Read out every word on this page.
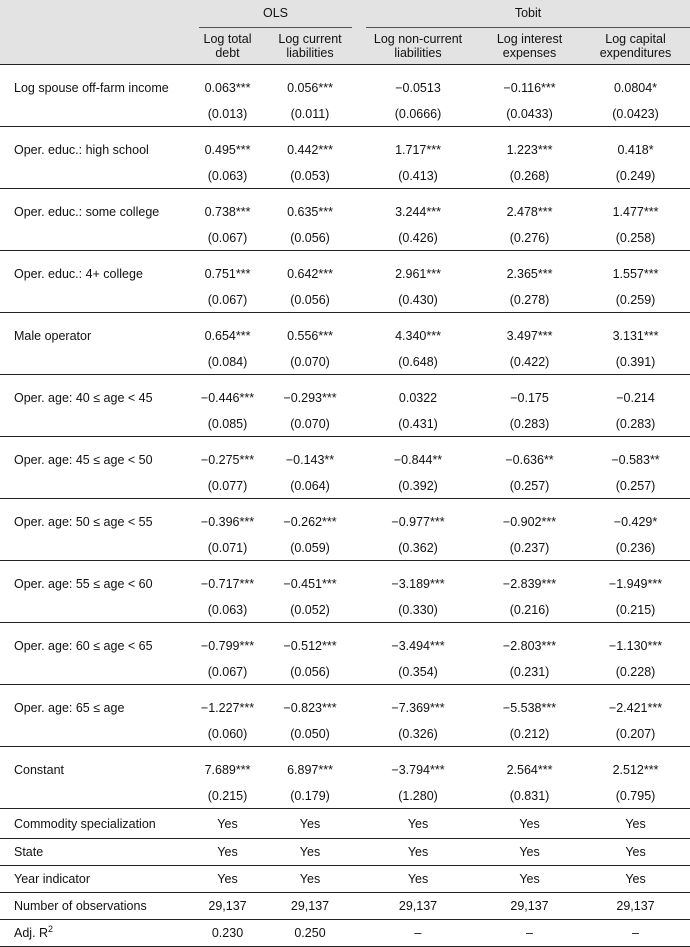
	OLS		Tobit		

	Log total debt	Log current liabilities	Log non-current liabilities	Log interest expenses	Log capital expenditures
Log spouse off-farm income	0.063***	0.056***	−0.0513	−0.116***	0.0804*
	(0.013)	(0.011)	(0.0666)	(0.0433)	(0.0423)
Oper. educ.: high school	0.495***	0.442***	1.717***	1.223***	0.418*
	(0.063)	(0.053)	(0.413)	(0.268)	(0.249)
Oper. educ.: some college	0.738***	0.635***	3.244***	2.478***	1.477***
	(0.067)	(0.056)	(0.426)	(0.276)	(0.258)
Oper. educ.: 4+ college	0.751***	0.642***	2.961***	2.365***	1.557***
	(0.067)	(0.056)	(0.430)	(0.278)	(0.259)
Male operator	0.654***	0.556***	4.340***	3.497***	3.131***
	(0.084)	(0.070)	(0.648)	(0.422)	(0.391)
Oper. age: 40 ≤ age < 45	−0.446***	−0.293***	0.0322	−0.175	−0.214
	(0.085)	(0.070)	(0.431)	(0.283)	(0.283)
Oper. age: 45 ≤ age < 50	−0.275***	−0.143**	−0.844**	−0.636**	−0.583**
	(0.077)	(0.064)	(0.392)	(0.257)	(0.257)
Oper. age: 50 ≤ age < 55	−0.396***	−0.262***	−0.977***	−0.902***	−0.429*
	(0.071)	(0.059)	(0.362)	(0.237)	(0.236)
Oper. age: 55 ≤ age < 60	−0.717***	−0.451***	−3.189***	−2.839***	−1.949***
	(0.063)	(0.052)	(0.330)	(0.216)	(0.215)
Oper. age: 60 ≤ age < 65	−0.799***	−0.512***	−3.494***	−2.803***	−1.130***
	(0.067)	(0.056)	(0.354)	(0.231)	(0.228)
Oper. age: 65 ≤ age	−1.227***	−0.823***	−7.369***	−5.538***	−2.421***
	(0.060)	(0.050)	(0.326)	(0.212)	(0.207)
Constant	7.689***	6.897***	−3.794***	2.564***	2.512***
	(0.215)	(0.179)	(1.280)	(0.831)	(0.795)
Commodity specialization	Yes	Yes	Yes	Yes	Yes
State	Yes	Yes	Yes	Yes	Yes
Year indicator	Yes	Yes	Yes	Yes	Yes
Number of observations	29,137	29,137	29,137	29,137	29,137
Adj. $R^2$	0.230	0.250	–	–	–
